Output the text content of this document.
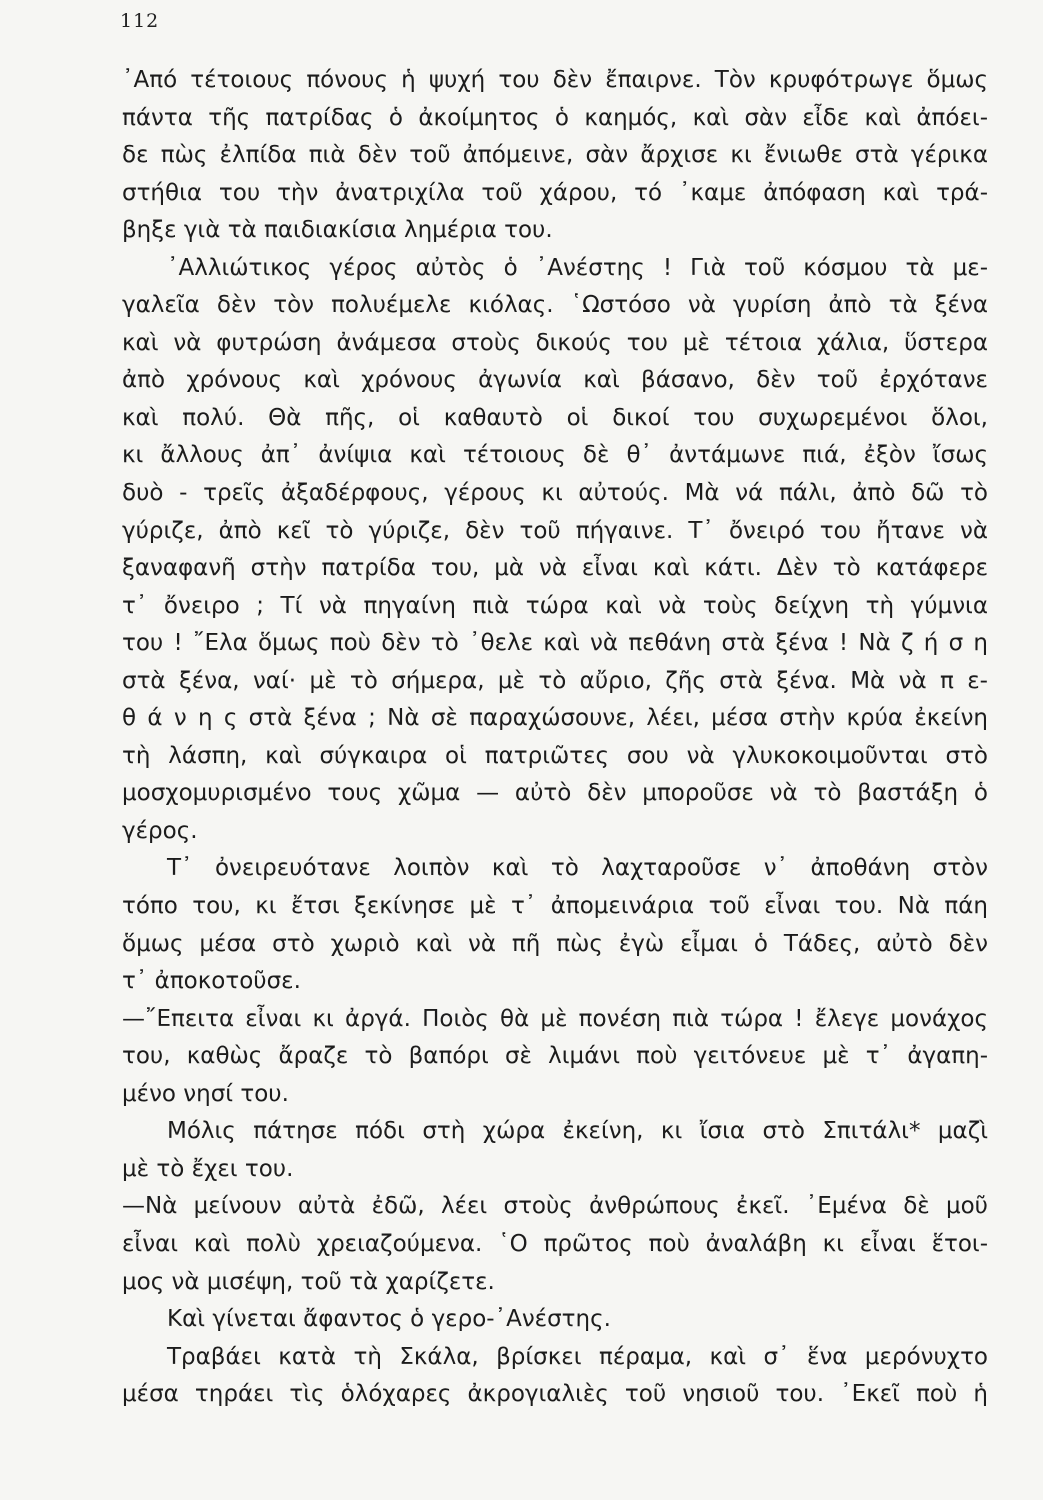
112
᾿Από τέτοιους πόνους ἡ ψυχή του δὲν ἔπαιρνε. Τὸν κρυφότρωγε ὅμως
πάντα τῆς πατρίδας ὁ ἀκοίμητος ὁ καημός, καὶ σὰν εἶδε καὶ ἀπόει-
δε πὼς ἐλπίδα πιὰ δὲν τοῦ ἀπόμεινε, σὰν ἄρχισε κι ἔνιωθε στὰ γέρικα
στήθια του τὴν ἀνατριχίλα τοῦ χάρου, τό ᾽καμε ἀπόφαση καὶ τρά-
βηξε γιὰ τὰ παιδιακίσια λημέρια του.
᾿Αλλιώτικος γέρος αὐτὸς ὁ ᾿Ανέστης ! Γιὰ τοῦ κόσμου τὰ με-
γαλεῖα δὲν τὸν πολυέμελε κιόλας. ῾Ωστόσο νὰ γυρίση ἀπὸ τὰ ξένα
καὶ νὰ φυτρώση ἀνάμεσα στοὺς δικούς του μὲ τέτοια χάλια, ὕστερα
ἀπὸ χρόνους καὶ χρόνους ἀγωνία καὶ βάσανο, δὲν τοῦ ἐρχότανε
καὶ πολύ. Θὰ πῆς, οἱ καθαυτὸ οἱ δικοί του συχωρεμένοι ὅλοι,
κι ἄλλους ἀπ᾽ ἀνίψια καὶ τέτοιους δὲ θ᾽ ἀντάμωνε πιά, ἐξὸν ἴσως
δυὸ - τρεῖς ἀξαδέρφους, γέρους κι αὐτούς. Μὰ νά πάλι, ἀπὸ δῶ τὸ
γύριζε, ἀπὸ κεῖ τὸ γύριζε, δὲν τοῦ πήγαινε. Τ᾽ ὄνειρό του ἤτανε νὰ
ξαναφανῆ στὴν πατρίδα του, μὰ νὰ εἶναι καὶ κάτι. Δὲν τὸ κατάφερε
τ᾽ ὄνειρο ; Τί νὰ πηγαίνη πιὰ τώρα καὶ νὰ τοὺς δείχνη τὴ γύμνια
του ! ῎Ελα ὅμως ποὺ δὲν τὸ ᾽θελε καὶ νὰ πεθάνη στὰ ξένα ! Νὰ ζ ή σ η
στὰ ξένα, ναί· μὲ τὸ σήμερα, μὲ τὸ αὔριο, ζῆς στὰ ξένα. Μὰ νὰ π ε-
θ ά ν η ς στὰ ξένα ; Νὰ σὲ παραχώσουνε, λέει, μέσα στὴν κρύα ἐκείνη
τὴ λάσπη, καὶ σύγκαιρα οἱ πατριῶτες σου νὰ γλυκοκοιμοῦνται στὸ
μοσχομυρισμένο τους χῶμα — αὐτὸ δὲν μποροῦσε νὰ τὸ βαστάξη ὁ
γέρος.
Τ᾽ ὀνειρευότανε λοιπὸν καὶ τὸ λαχταροῦσε ν᾽ ἀποθάνη στὸν
τόπο του, κι ἔτσι ξεκίνησε μὲ τ᾽ ἀπομεινάρια τοῦ εἶναι του. Νὰ πάη
ὅμως μέσα στὸ χωριὸ καὶ νὰ πῆ πὼς ἐγὼ εἶμαι ὁ Τάδες, αὐτὸ δὲν
τ᾽ ἀποκοτοῦσε.
—῎Επειτα εἶναι κι ἀργά. Ποιὸς θὰ μὲ πονέση πιὰ τώρα ! ἔλεγε μονάχος
του, καθὼς ἄραζε τὸ βαπόρι σὲ λιμάνι ποὺ γειτόνευε μὲ τ᾽ ἀγαπη-
μένο νησί του.
Μόλις πάτησε πόδι στὴ χώρα ἐκείνη, κι ἴσια στὸ Σπιτάλι* μαζὶ
μὲ τὸ ἔχει του.
—Νὰ μείνουν αὐτὰ ἐδῶ, λέει στοὺς ἀνθρώπους ἐκεῖ. ᾿Εμένα δὲ μοῦ
εἶναι καὶ πολὺ χρειαζούμενα. ῾Ο πρῶτος ποὺ ἀναλάβη κι εἶναι ἕτοι-
μος νὰ μισέψη, τοῦ τὰ χαρίζετε.
Καὶ γίνεται ἄφαντος ὁ γερο-᾿Ανέστης.
Τραβάει κατὰ τὴ Σκάλα, βρίσκει πέραμα, καὶ σ᾽ ἕνα μερόνυχτο
μέσα τηράει τὶς ὁλόχαρες ἀκρογιαλιὲς τοῦ νησιοῦ του. ᾿Εκεῖ ποὺ ἡ
